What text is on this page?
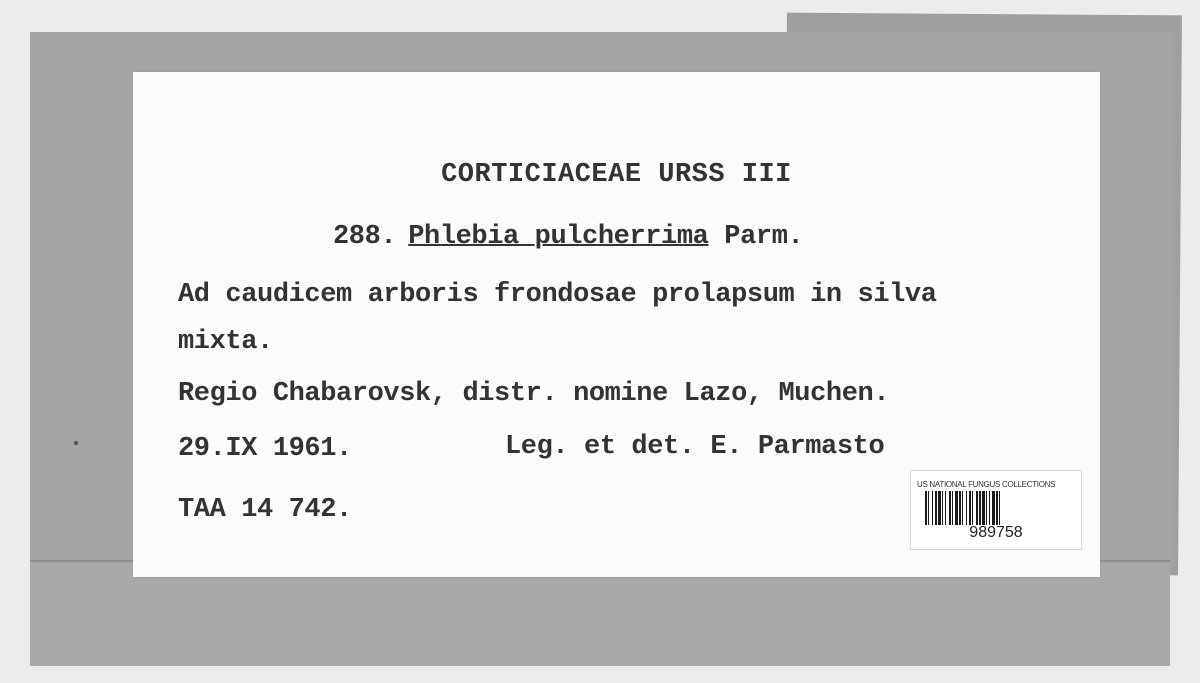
CORTICIACEAE URSS III

288. Phlebia pulcherrima Parm.

Ad caudicem arboris frondosae prolapsum in silva

mixta.

Regio Chabarovsk, distr. nomine Lazo, Muchen.

29.IX 1961.	Leg. et det. E. Parmasto

TAA 14 742.

US NATIONAL FUNGUS COLLECTIONS
989758
